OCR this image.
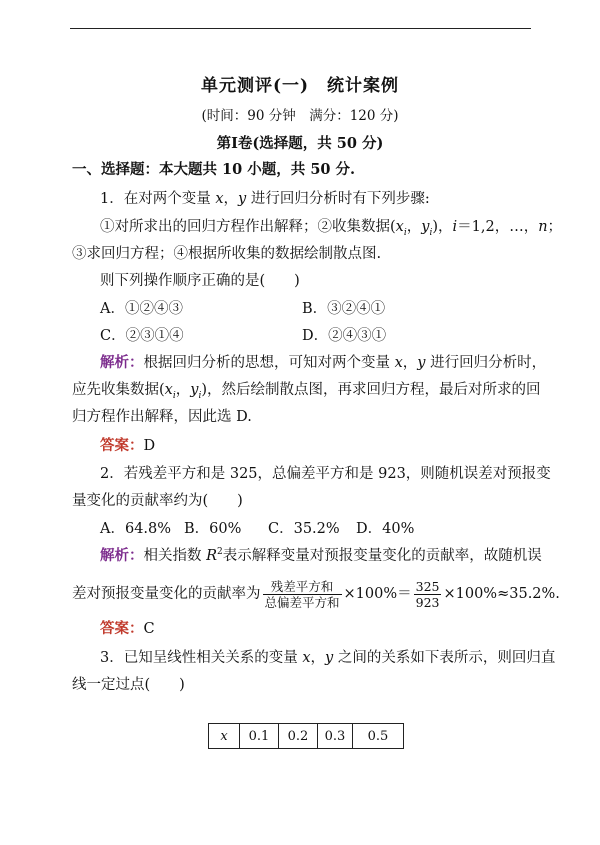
单元测评(一)　统计案例
(时间：90 分钟　满分：120 分)
第Ⅰ卷(选择题，共 50 分)
一、选择题：本大题共 10 小题，共 50 分.
1．在对两个变量 x，y 进行回归分析时有下列步骤:
①对所求出的回归方程作出解释；②收集数据($x_i$，$y_i$)，i＝1,2，…，n；
③求回归方程；④根据所收集的数据绘制散点图.
则下列操作顺序正确的是(　　)
A．①②④③	B．③②④①
C．②③①④	D．②④③①
解析：根据回归分析的思想，可知对两个变量 x，y 进行回归分析时，
应先收集数据($x_i$，$y_i$)，然后绘制散点图，再求回归方程，最后对所求的回
归方程作出解释，因此选 D.
答案：D
2．若残差平方和是 325，总偏差平方和是 923，则随机误差对预报变
量变化的贡献率约为(　　)
A．64.8% B．60% C．35.2% D．40%
解析：相关指数 $R^2$表示解释变量对预报变量变化的贡献率，故随机误
差对预报变量变化的贡献率为 $\frac{\text{残差平方和}}{\text{总偏差平方和}} \times 100\%= \frac{325}{923} \times 100\%\approx 35.2\%$.
答案：C
3．已知呈线性相关关系的变量 x，y 之间的关系如下表所示，则回归直
线一定过点(　　)
x	0.1	0.2	0.3	0.5
